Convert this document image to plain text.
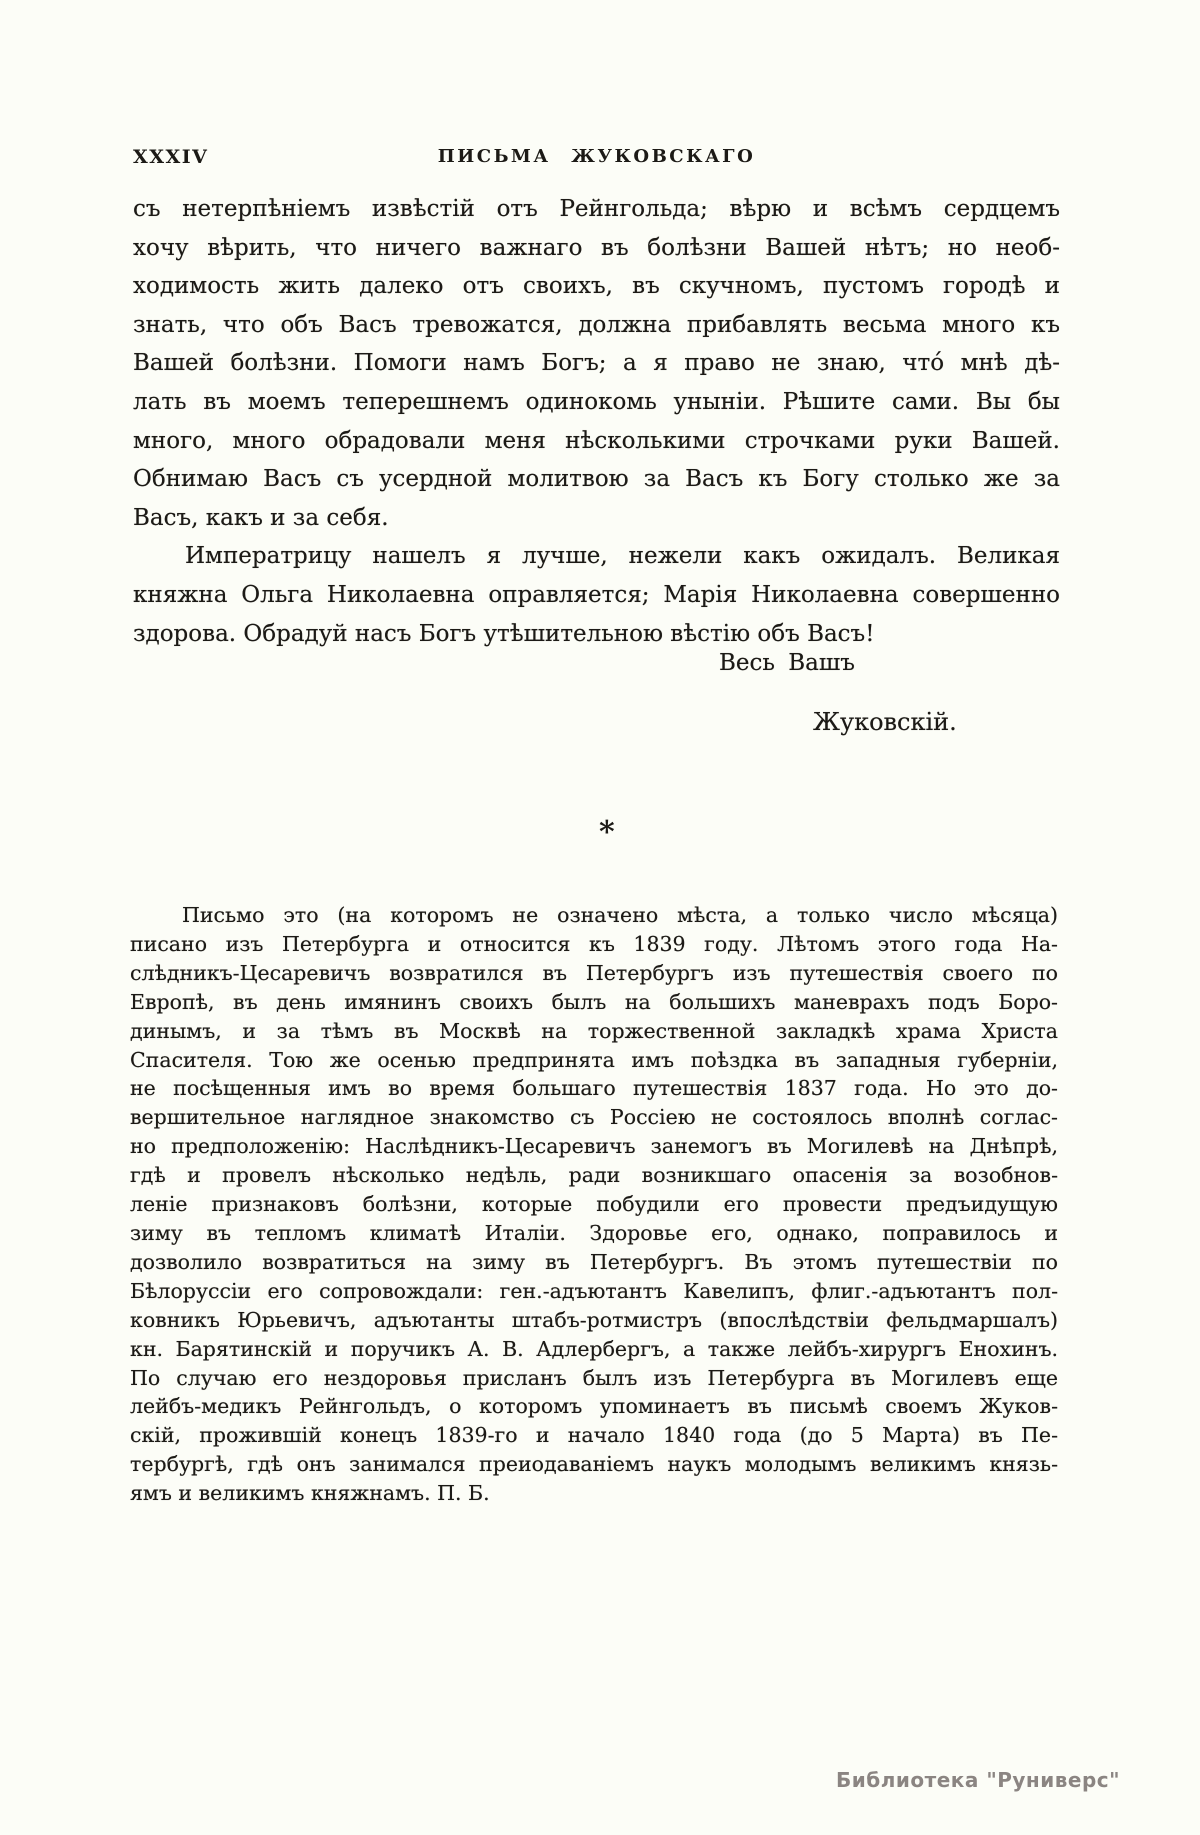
XXXIV	ПИСЬМА ЖУКОВСКАГО
съ нетерпѣніемъ извѣстій отъ Рейнгольда; вѣрю и всѣмъ сердцемъ
хочу вѣрить, что ничего важнаго въ болѣзни Вашей нѣтъ; но необ-
ходимость жить далеко отъ своихъ, въ скучномъ, пустомъ городѣ и
знать, что объ Васъ тревожатся, должна прибавлять весьма много къ
Вашей болѣзни. Помоги намъ Богъ; а я право не знаю, что́ мнѣ дѣ-
лать въ моемъ теперешнемъ одинокомь уныніи. Рѣшите сами. Вы бы
много, много обрадовали меня нѣсколькими строчками руки Вашей.
Обнимаю Васъ съ усердной молитвою за Васъ къ Богу столько же за
Васъ, какъ и за себя.
Императрицу нашелъ я лучше, нежели какъ ожидалъ. Великая
княжна Ольга Николаевна оправляется; Марія Николаевна совершенно
здорова. Обрадуй насъ Богъ утѣшительною вѣстію объ Васъ!
Весь Вашъ
Жуковскій.
*
Письмо это (на которомъ не означено мѣста, а только число мѣсяца)
писано изъ Петербурга и относится къ 1839 году. Лѣтомъ этого года На-
слѣдникъ-Цесаревичъ возвратился въ Петербургъ изъ путешествія своего по
Европѣ, въ день имянинъ своихъ былъ на большихъ маневрахъ подъ Боро-
динымъ, и за тѣмъ въ Москвѣ на торжественной закладкѣ храма Христа
Спасителя. Тою же осенью предпринята имъ поѣздка въ западныя губерніи,
не посѣщенныя имъ во время большаго путешествія 1837 года. Но это до-
вершительное наглядное знакомство съ Россіею не состоялось вполнѣ соглас-
но предположенію: Наслѣдникъ-Цесаревичъ занемогъ въ Могилевѣ на Днѣпрѣ,
гдѣ и провелъ нѣсколько недѣль, ради возникшаго опасенія за возобнов-
леніе признаковъ болѣзни, которые побудили его провести предъидущую
зиму въ тепломъ климатѣ Италіи. Здоровье его, однако, поправилось и
дозволило возвратиться на зиму въ Петербургъ. Въ этомъ путешествіи по
Бѣлоруссіи его сопровождали: ген.-адъютантъ Кавелипъ, флиг.-адъютантъ пол-
ковникъ Юрьевичъ, адъютанты штабъ-ротмистръ (впослѣдствіи фельдмаршалъ)
кн. Барятинскій и поручикъ А. В. Адлербергъ, а также лейбъ-хирургъ Енохинъ.
По случаю его нездоровья присланъ былъ изъ Петербурга въ Могилевъ еще
лейбъ-медикъ Рейнгольдъ, о которомъ упоминаетъ въ письмѣ своемъ Жуков-
скій, прожившій конецъ 1839-го и начало 1840 года (до 5 Марта) въ Пе-
тербургѣ, гдѣ онъ занимался преиодаваніемъ наукъ молодымъ великимъ князь-
ямъ и великимъ княжнамъ. П. Б.
Библиотека "Руниверс"
